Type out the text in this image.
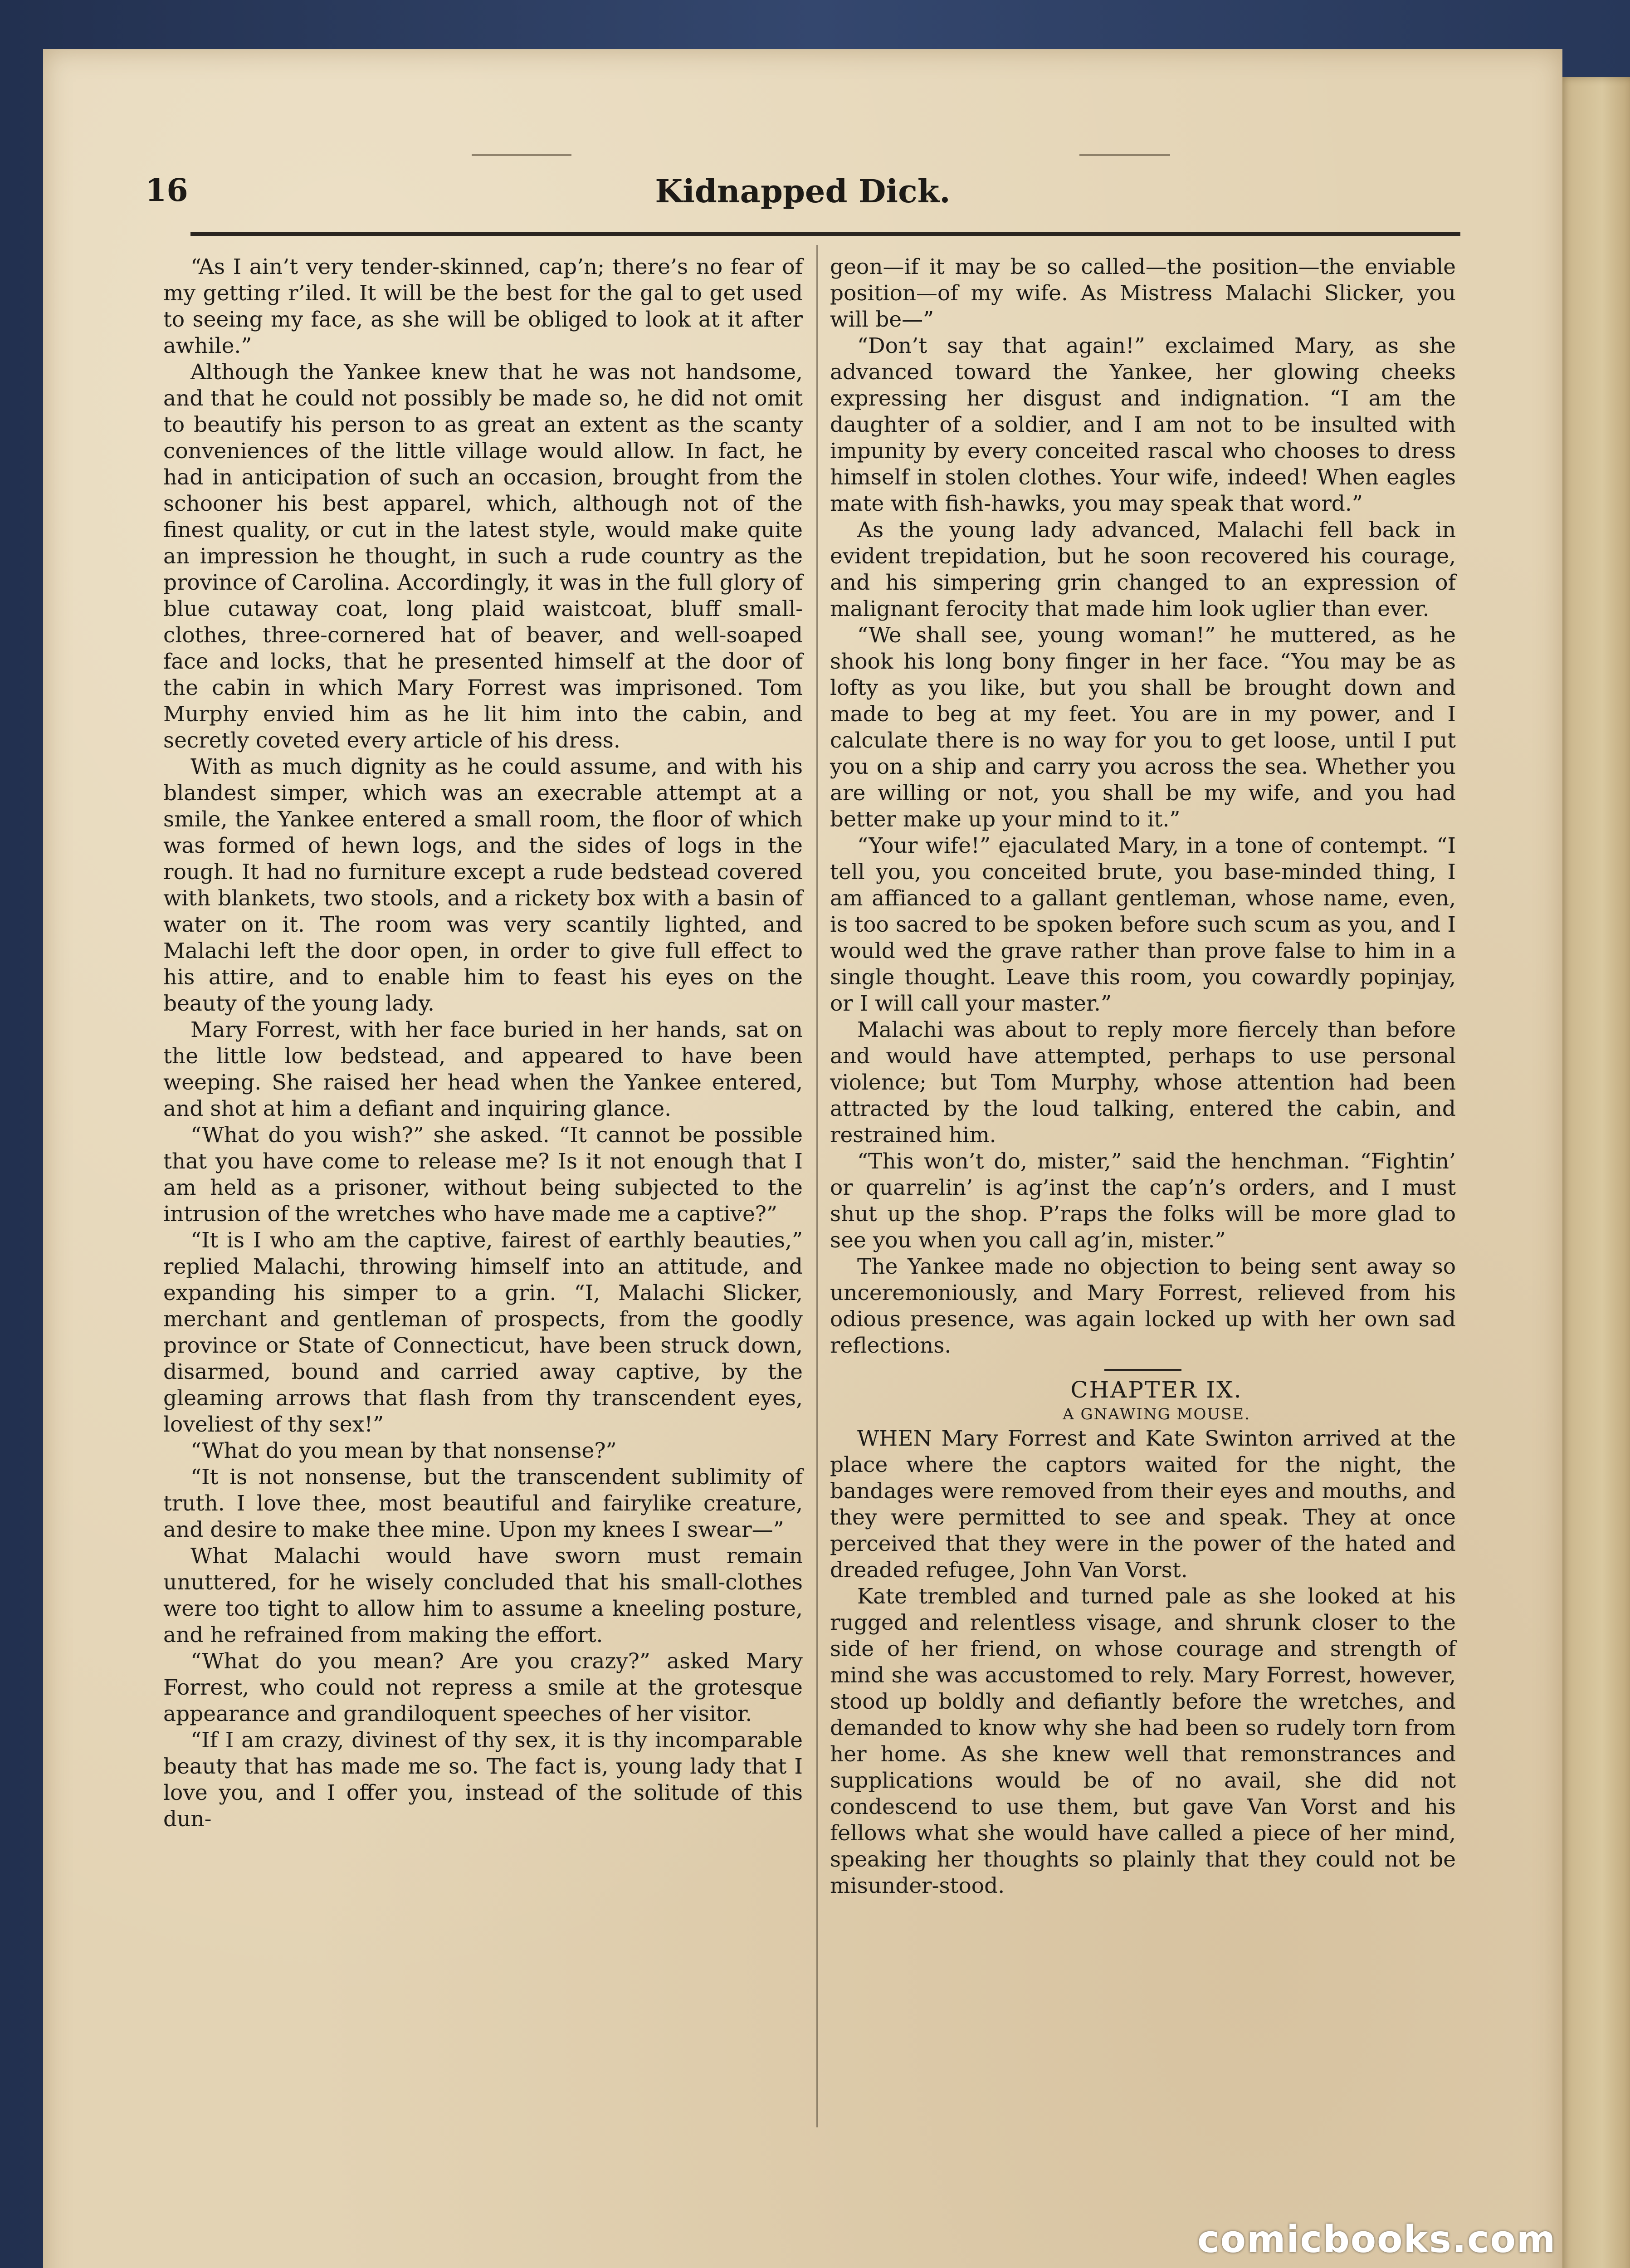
16	Kidnapped Dick.

“As I ain’t very tender-skinned, cap’n; there’s no fear of my getting r’iled. It will be the best for the gal to get used to seeing my face, as she will be obliged to look at it after awhile.”

Although the Yankee knew that he was not handsome, and that he could not possibly be made so, he did not omit to beautify his person to as great an extent as the scanty conveniences of the little village would allow. In fact, he had in anticipation of such an occasion, brought from the schooner his best apparel, which, although not of the finest quality, or cut in the latest style, would make quite an impression he thought, in such a rude country as the province of Carolina. Accordingly, it was in the full glory of blue cutaway coat, long plaid waistcoat, bluff small-clothes, three-cornered hat of beaver, and well-soaped face and locks, that he presented himself at the door of the cabin in which Mary Forrest was imprisoned. Tom Murphy envied him as he lit him into the cabin, and secretly coveted every article of his dress.

With as much dignity as he could assume, and with his blandest simper, which was an execrable attempt at a smile, the Yankee entered a small room, the floor of which was formed of hewn logs, and the sides of logs in the rough. It had no furniture except a rude bedstead covered with blankets, two stools, and a rickety box with a basin of water on it. The room was very scantily lighted, and Malachi left the door open, in order to give full effect to his attire, and to enable him to feast his eyes on the beauty of the young lady.

Mary Forrest, with her face buried in her hands, sat on the little low bedstead, and appeared to have been weeping. She raised her head when the Yankee entered, and shot at him a defiant and inquiring glance.

“What do you wish?” she asked. “It cannot be possible that you have come to release me? Is it not enough that I am held as a prisoner, without being subjected to the intrusion of the wretches who have made me a captive?”

“It is I who am the captive, fairest of earthly beauties,” replied Malachi, throwing himself into an attitude, and expanding his simper to a grin. “I, Malachi Slicker, merchant and gentleman of prospects, from the goodly province or State of Connecticut, have been struck down, disarmed, bound and carried away captive, by the gleaming arrows that flash from thy transcendent eyes, loveliest of thy sex!”

“What do you mean by that nonsense?”

“It is not nonsense, but the transcendent sublimity of truth. I love thee, most beautiful and fairylike creature, and desire to make thee mine. Upon my knees I swear—”

What Malachi would have sworn must remain unuttered, for he wisely concluded that his small-clothes were too tight to allow him to assume a kneeling posture, and he refrained from making the effort.

“What do you mean? Are you crazy?” asked Mary Forrest, who could not repress a smile at the grotesque appearance and grandiloquent speeches of her visitor.

“If I am crazy, divinest of thy sex, it is thy incomparable beauty that has made me so. The fact is, young lady that I love you, and I offer you, instead of the solitude of this dun-

geon—if it may be so called—the position—the enviable position—of my wife. As Mistress Malachi Slicker, you will be—”

“Don’t say that again!” exclaimed Mary, as she advanced toward the Yankee, her glowing cheeks expressing her disgust and indignation. “I am the daughter of a soldier, and I am not to be insulted with impunity by every conceited rascal who chooses to dress himself in stolen clothes. Your wife, indeed! When eagles mate with fish-hawks, you may speak that word.”

As the young lady advanced, Malachi fell back in evident trepidation, but he soon recovered his courage, and his simpering grin changed to an expression of malignant ferocity that made him look uglier than ever.

“We shall see, young woman!” he muttered, as he shook his long bony finger in her face. “You may be as lofty as you like, but you shall be brought down and made to beg at my feet. You are in my power, and I calculate there is no way for you to get loose, until I put you on a ship and carry you across the sea. Whether you are willing or not, you shall be my wife, and you had better make up your mind to it.”

“Your wife!” ejaculated Mary, in a tone of contempt. “I tell you, you conceited brute, you base-minded thing, I am affianced to a gallant gentleman, whose name, even, is too sacred to be spoken before such scum as you, and I would wed the grave rather than prove false to him in a single thought. Leave this room, you cowardly popinjay, or I will call your master.”

Malachi was about to reply more fiercely than before and would have attempted, perhaps to use personal violence; but Tom Murphy, whose attention had been attracted by the loud talking, entered the cabin, and restrained him.

“This won’t do, mister,” said the henchman. “Fightin’ or quarrelin’ is ag’inst the cap’n’s orders, and I must shut up the shop. P’raps the folks will be more glad to see you when you call ag’in, mister.”

The Yankee made no objection to being sent away so unceremoniously, and Mary Forrest, relieved from his odious presence, was again locked up with her own sad reflections.

CHAPTER IX.

A GNAWING MOUSE.

WHEN Mary Forrest and Kate Swinton arrived at the place where the captors waited for the night, the bandages were removed from their eyes and mouths, and they were permitted to see and speak. They at once perceived that they were in the power of the hated and dreaded refugee, John Van Vorst.

Kate trembled and turned pale as she looked at his rugged and relentless visage, and shrunk closer to the side of her friend, on whose courage and strength of mind she was accustomed to rely. Mary Forrest, however, stood up boldly and defiantly before the wretches, and demanded to know why she had been so rudely torn from her home. As she knew well that remonstrances and supplications would be of no avail, she did not condescend to use them, but gave Van Vorst and his fellows what she would have called a piece of her mind, speaking her thoughts so plainly that they could not be misunder-stood.

comicbooks.com
